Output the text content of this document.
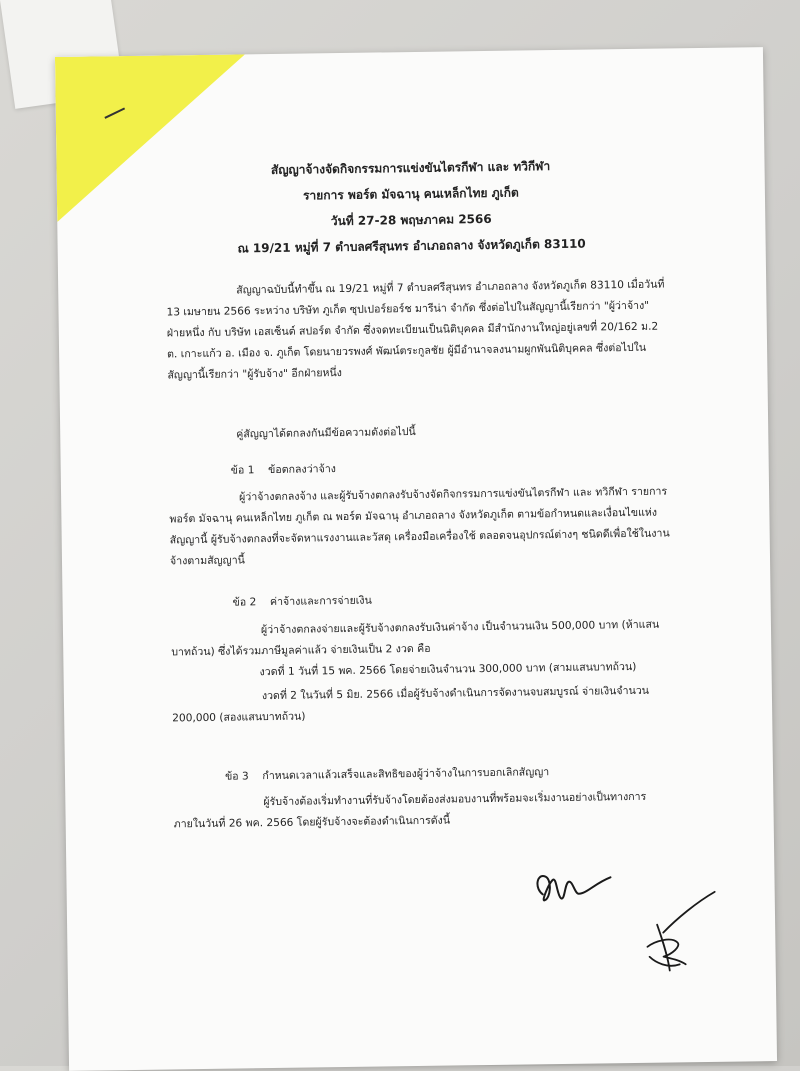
สัญญาจ้างจัดกิจกรรมการแข่งขันไตรกีฬา และ ทวิกีฬา
รายการ พอร์ต มัจฉานุ คนเหล็กไทย ภูเก็ต
วันที่ 27-28 พฤษภาคม 2566
ณ 19/21 หมู่ที่ 7 ตำบลศรีสุนทร อำเภอถลาง จังหวัดภูเก็ต 83110
สัญญาฉบับนี้ทำขึ้น ณ 19/21 หมู่ที่ 7 ตำบลศรีสุนทร อำเภอถลาง จังหวัดภูเก็ต 83110 เมื่อวันที่ 13 เมษายน 2566 ระหว่าง บริษัท ภูเก็ต ซุปเปอร์ยอร์ช มารีน่า จำกัด ซึ่งต่อไปในสัญญานี้เรียกว่า "ผู้ว่าจ้าง" ฝ่ายหนึ่ง กับ บริษัท เอสเซ็นต์ สปอร์ต จำกัด ซึ่งจดทะเบียนเป็นนิติบุคคล มีสำนักงานใหญ่อยู่เลขที่ 20/162 ม.2 ต. เกาะแก้ว อ. เมือง จ. ภูเก็ต โดยนายวรพงศ์ พัฒน์ตระกูลชัย ผู้มีอำนาจลงนามผูกพันนิติบุคคล ซึ่งต่อไปในสัญญานี้เรียกว่า "ผู้รับจ้าง" อีกฝ่ายหนึ่ง
คู่สัญญาได้ตกลงกันมีข้อความดังต่อไปนี้
ข้อ 1 ข้อตกลงว่าจ้าง
ผู้ว่าจ้างตกลงจ้าง และผู้รับจ้างตกลงรับจ้างจัดกิจกรรมการแข่งขันไตรกีฬา และ ทวิกีฬา รายการ พอร์ต มัจฉานุ คนเหล็กไทย ภูเก็ต ณ พอร์ต มัจฉานุ อำเภอถลาง จังหวัดภูเก็ต ตามข้อกำหนดและเงื่อนไขแห่งสัญญานี้ ผู้รับจ้างตกลงที่จะจัดหาแรงงานและวัสดุ เครื่องมือเครื่องใช้ ตลอดจนอุปกรณ์ต่างๆ ชนิดดีเพื่อใช้ในงานจ้างตามสัญญานี้
ข้อ 2 ค่าจ้างและการจ่ายเงิน
ผู้ว่าจ้างตกลงจ่ายและผู้รับจ้างตกลงรับเงินค่าจ้าง เป็นจำนวนเงิน 500,000 บาท (ห้าแสนบาทถ้วน) ซึ่งได้รวมภาษีมูลค่าแล้ว จ่ายเงินเป็น 2 งวด คือ
งวดที่ 1 วันที่ 15 พค. 2566 โดยจ่ายเงินจำนวน 300,000 บาท (สามแสนบาทถ้วน)
งวดที่ 2 ในวันที่ 5 มิย. 2566 เมื่อผู้รับจ้างดำเนินการจัดงานจบสมบูรณ์ จ่ายเงินจำนวน 200,000 (สองแสนบาทถ้วน)
ข้อ 3 กำหนดเวลาแล้วเสร็จและสิทธิของผู้ว่าจ้างในการบอกเลิกสัญญา
ผู้รับจ้างต้องเริ่มทำงานที่รับจ้างโดยต้องส่งมอบงานที่พร้อมจะเริ่มงานอย่างเป็นทางการภายในวันที่ 26 พค. 2566 โดยผู้รับจ้างจะต้องดำเนินการดังนี้
